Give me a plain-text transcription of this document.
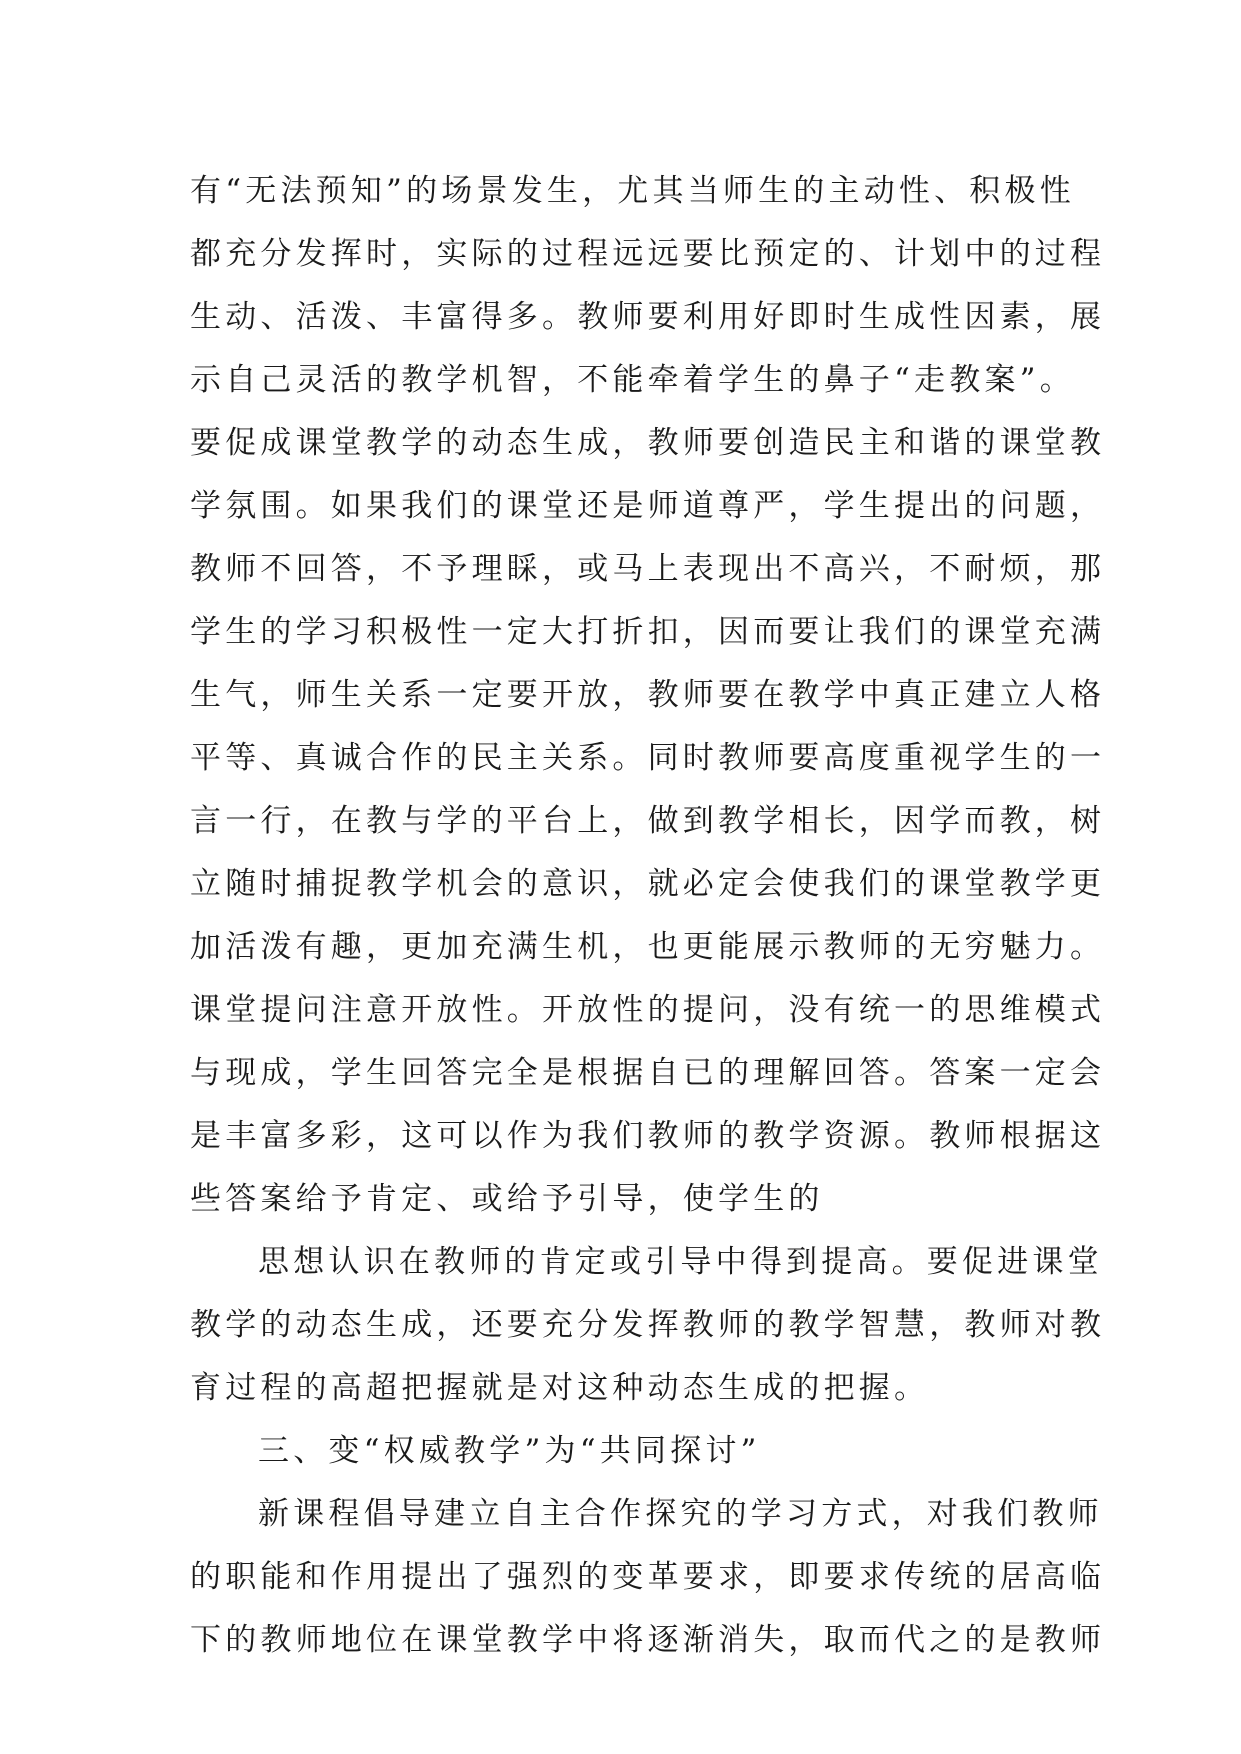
有“无法预知”的场景发生，尤其当师生的主动性、积极性
都充分发挥时，实际的过程远远要比预定的、计划中的过程
生动、活泼、丰富得多。教师要利用好即时生成性因素，展
示自己灵活的教学机智，不能牵着学生的鼻子“走教案”。
要促成课堂教学的动态生成，教师要创造民主和谐的课堂教
学氛围。如果我们的课堂还是师道尊严，学生提出的问题，
教师不回答，不予理睬，或马上表现出不高兴，不耐烦，那
学生的学习积极性一定大打折扣，因而要让我们的课堂充满
生气，师生关系一定要开放，教师要在教学中真正建立人格
平等、真诚合作的民主关系。同时教师要高度重视学生的一
言一行，在教与学的平台上，做到教学相长，因学而教，树
立随时捕捉教学机会的意识，就必定会使我们的课堂教学更
加活泼有趣，更加充满生机，也更能展示教师的无穷魅力。
课堂提问注意开放性。开放性的提问，没有统一的思维模式
与现成，学生回答完全是根据自已的理解回答。答案一定会
是丰富多彩，这可以作为我们教师的教学资源。教师根据这
些答案给予肯定、或给予引导，使学生的
思想认识在教师的肯定或引导中得到提高。要促进课堂
教学的动态生成，还要充分发挥教师的教学智慧，教师对教
育过程的高超把握就是对这种动态生成的把握。
三、变“权威教学”为“共同探讨”
新课程倡导建立自主合作探究的学习方式，对我们教师
的职能和作用提出了强烈的变革要求，即要求传统的居高临
下的教师地位在课堂教学中将逐渐消失，取而代之的是教师
